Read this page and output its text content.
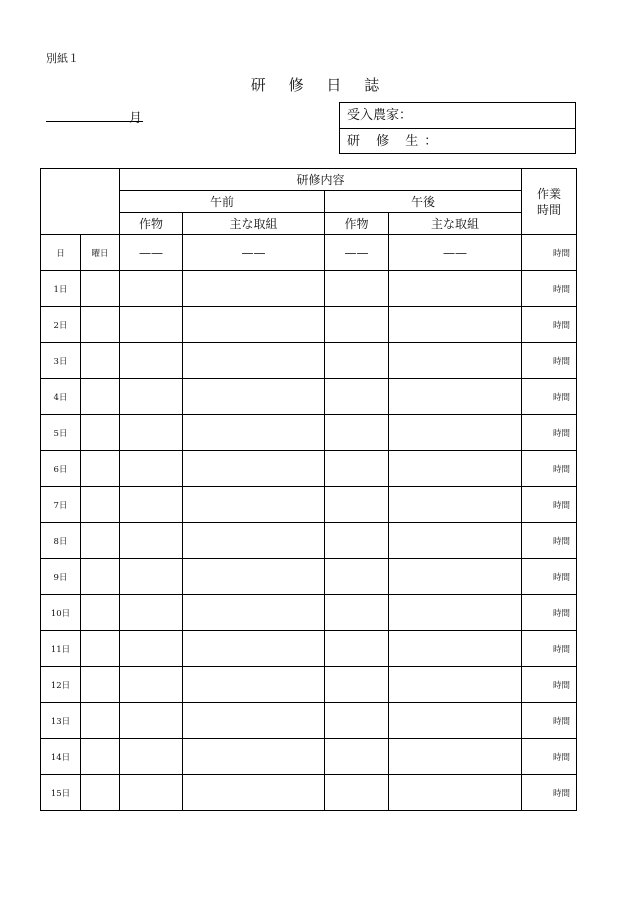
別紙１
研 修 日 誌
月	受入農家：
研 修 生：
		研修内容				作業
時間
		午前		午後		
		作物	主な取組	作物	主な取組	
日	曜日	——	——	——	——	時間
1日						時間
2日						時間
3日						時間
4日						時間
5日						時間
6日						時間
7日						時間
8日						時間
9日						時間
10日						時間
11日						時間
12日						時間
13日						時間
14日						時間
15日						時間
